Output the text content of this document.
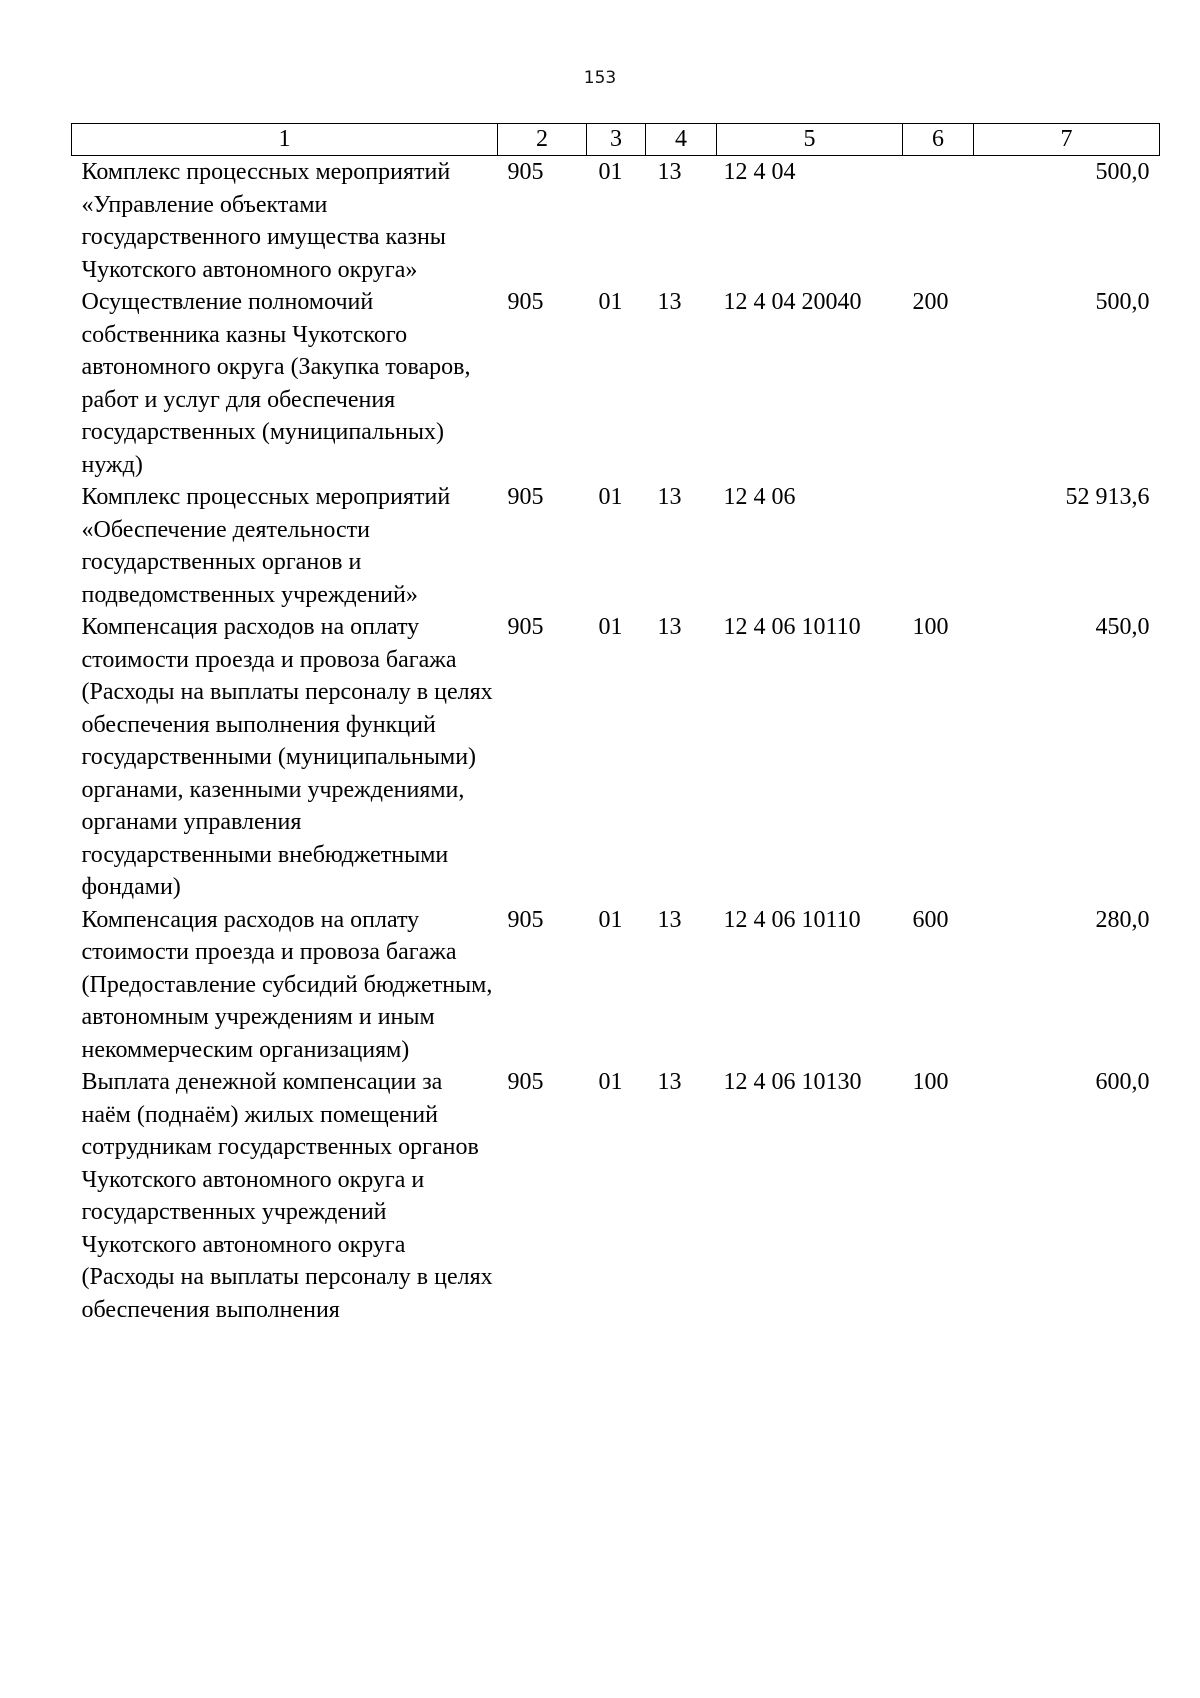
153
1	2	3	4	5	6	7
Комплекс процессных мероприятий «Управление объектами государственного имущества казны Чукотского автономного округа»	905	01	13	12 4 04		500,0
Осуществление полномочий собственника казны Чукотского автономного округа (Закупка товаров, работ и услуг для обеспечения государственных (муниципальных) нужд)	905	01	13	12 4 04 20040	200	500,0
Комплекс процессных мероприятий «Обеспечение деятельности государственных органов и подведомственных учреждений»	905	01	13	12 4 06		52 913,6
Компенсация расходов на оплату стоимости проезда и провоза багажа (Расходы на выплаты персоналу в целях обеспечения выполнения функций государственными (муниципальными) органами, казенными учреждениями, органами управления государственными внебюджетными фондами)	905	01	13	12 4 06 10110	100	450,0
Компенсация расходов на оплату стоимости проезда и провоза багажа (Предоставление субсидий бюджетным, автономным учреждениям и иным некоммерческим организациям)	905	01	13	12 4 06 10110	600	280,0
Выплата денежной компенсации за наём (поднаём) жилых помещений сотрудникам государственных органов Чукотского автономного округа и государственных учреждений Чукотского автономного округа (Расходы на выплаты персоналу в целях обеспечения выполнения	905	01	13	12 4 06 10130	100	600,0
